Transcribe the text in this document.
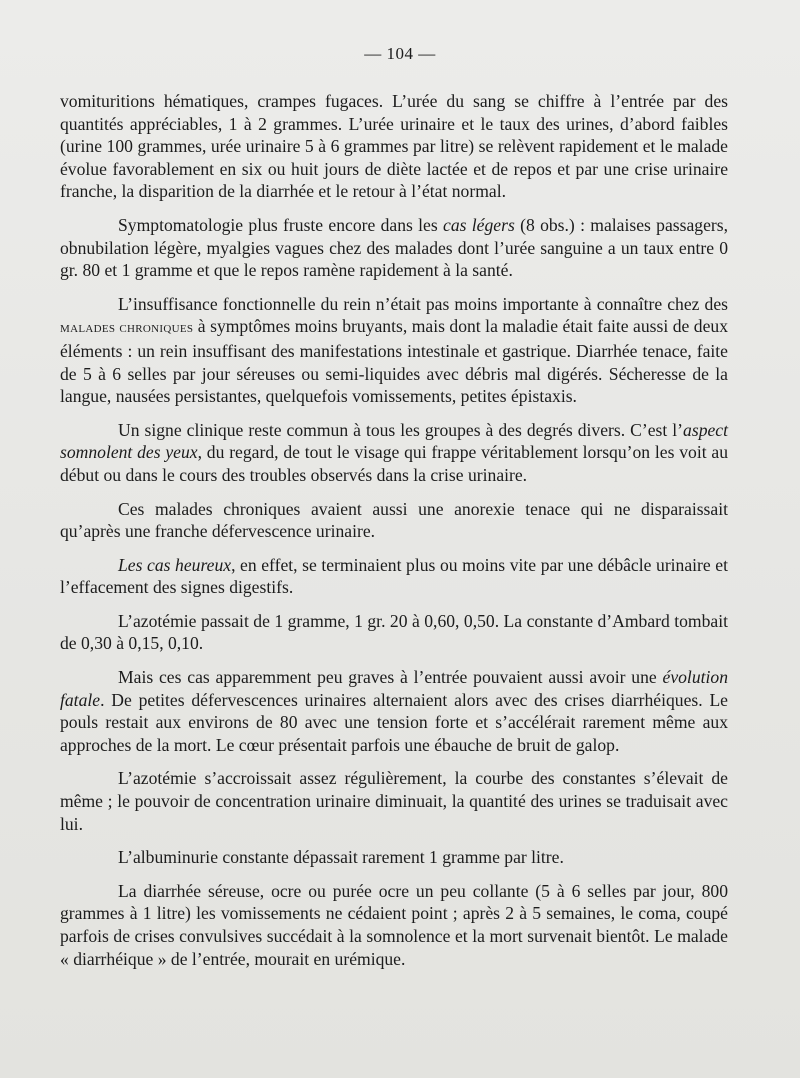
— 104 —

vomituritions hématiques, crampes fugaces. L’urée du sang se chiffre à l’entrée par des quantités appréciables, 1 à 2 grammes. L’urée urinaire et le taux des urines, d’abord faibles (urine 100 grammes, urée urinaire 5 à 6 grammes par litre) se relèvent rapidement et le malade évolue favorablement en six ou huit jours de diète lactée et de repos et par une crise urinaire franche, la disparition de la diarrhée et le retour à l’état normal.

Symptomatologie plus fruste encore dans les cas légers (8 obs.) : malaises passagers, obnubilation légère, myalgies vagues chez des malades dont l’urée sanguine a un taux entre 0 gr. 80 et 1 gramme et que le repos ramène rapidement à la santé.

L’insuffisance fonctionnelle du rein n’était pas moins importante à connaître chez des malades chroniques à symptômes moins bruyants, mais dont la maladie était faite aussi de deux éléments : un rein insuffisant des manifestations intestinale et gastrique. Diarrhée tenace, faite de 5 à 6 selles par jour séreuses ou semi-liquides avec débris mal digérés. Sécheresse de la langue, nausées persistantes, quelquefois vomissements, petites épistaxis.

Un signe clinique reste commun à tous les groupes à des degrés divers. C’est l’aspect somnolent des yeux, du regard, de tout le visage qui frappe véritablement lorsqu’on les voit au début ou dans le cours des troubles observés dans la crise urinaire.

Ces malades chroniques avaient aussi une anorexie tenace qui ne disparaissait qu’après une franche défervescence urinaire.

Les cas heureux, en effet, se terminaient plus ou moins vite par une débâcle urinaire et l’effacement des signes digestifs.

L’azotémie passait de 1 gramme, 1 gr. 20 à 0,60, 0,50. La constante d’Ambard tombait de 0,30 à 0,15, 0,10.

Mais ces cas apparemment peu graves à l’entrée pouvaient aussi avoir une évolution fatale. De petites défervescences urinaires alternaient alors avec des crises diarrhéiques. Le pouls restait aux environs de 80 avec une tension forte et s’accélérait rarement même aux approches de la mort. Le cœur présentait parfois une ébauche de bruit de galop.

L’azotémie s’accroissait assez régulièrement, la courbe des constantes s’élevait de même ; le pouvoir de concentration urinaire diminuait, la quantité des urines se traduisait avec lui.

L’albuminurie constante dépassait rarement 1 gramme par litre.

La diarrhée séreuse, ocre ou purée ocre un peu collante (5 à 6 selles par jour, 800 grammes à 1 litre) les vomissements ne cédaient point ; après 2 à 5 semaines, le coma, coupé parfois de crises convulsives succédait à la somnolence et la mort survenait bientôt. Le malade « diarrhéique » de l’entrée, mourait en urémique.
